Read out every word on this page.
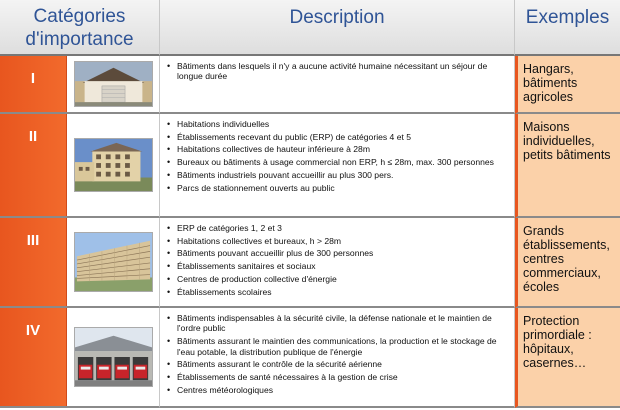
Catégories d'importance
Description	Exemples
I
• Bâtiments dans lesquels il n'y a aucune activité humaine nécessitant un séjour de longue durée
Hangars, bâtiments agricoles
II
• Habitations individuelles
• Établissements recevant du public (ERP) de catégories 4 et 5
• Habitations collectives de hauteur inférieure à 28m
• Bureaux ou bâtiments à usage commercial non ERP, h ≤ 28m, max. 300 personnes
• Bâtiments industriels pouvant accueillir au plus 300 pers.
• Parcs de stationnement ouverts au public
Maisons individuelles, petits bâtiments
III
• ERP de catégories 1, 2 et 3
• Habitations collectives et bureaux, h > 28m
• Bâtiments pouvant accueillir plus de 300 personnes
• Établissements sanitaires et sociaux
• Centres de production collective d'énergie
• Établissements scolaires
Grands établissements, centres commerciaux, écoles
IV
• Bâtiments indispensables à la sécurité civile, la défense nationale et le maintien de l'ordre public
• Bâtiments assurant le maintien des communications, la production et le stockage de l'eau potable, la distribution publique de l'énergie
• Bâtiments assurant le contrôle de la sécurité aérienne
• Établissements de santé nécessaires à la gestion de crise
• Centres météorologiques
Protection primordiale : hôpitaux, casernes…
